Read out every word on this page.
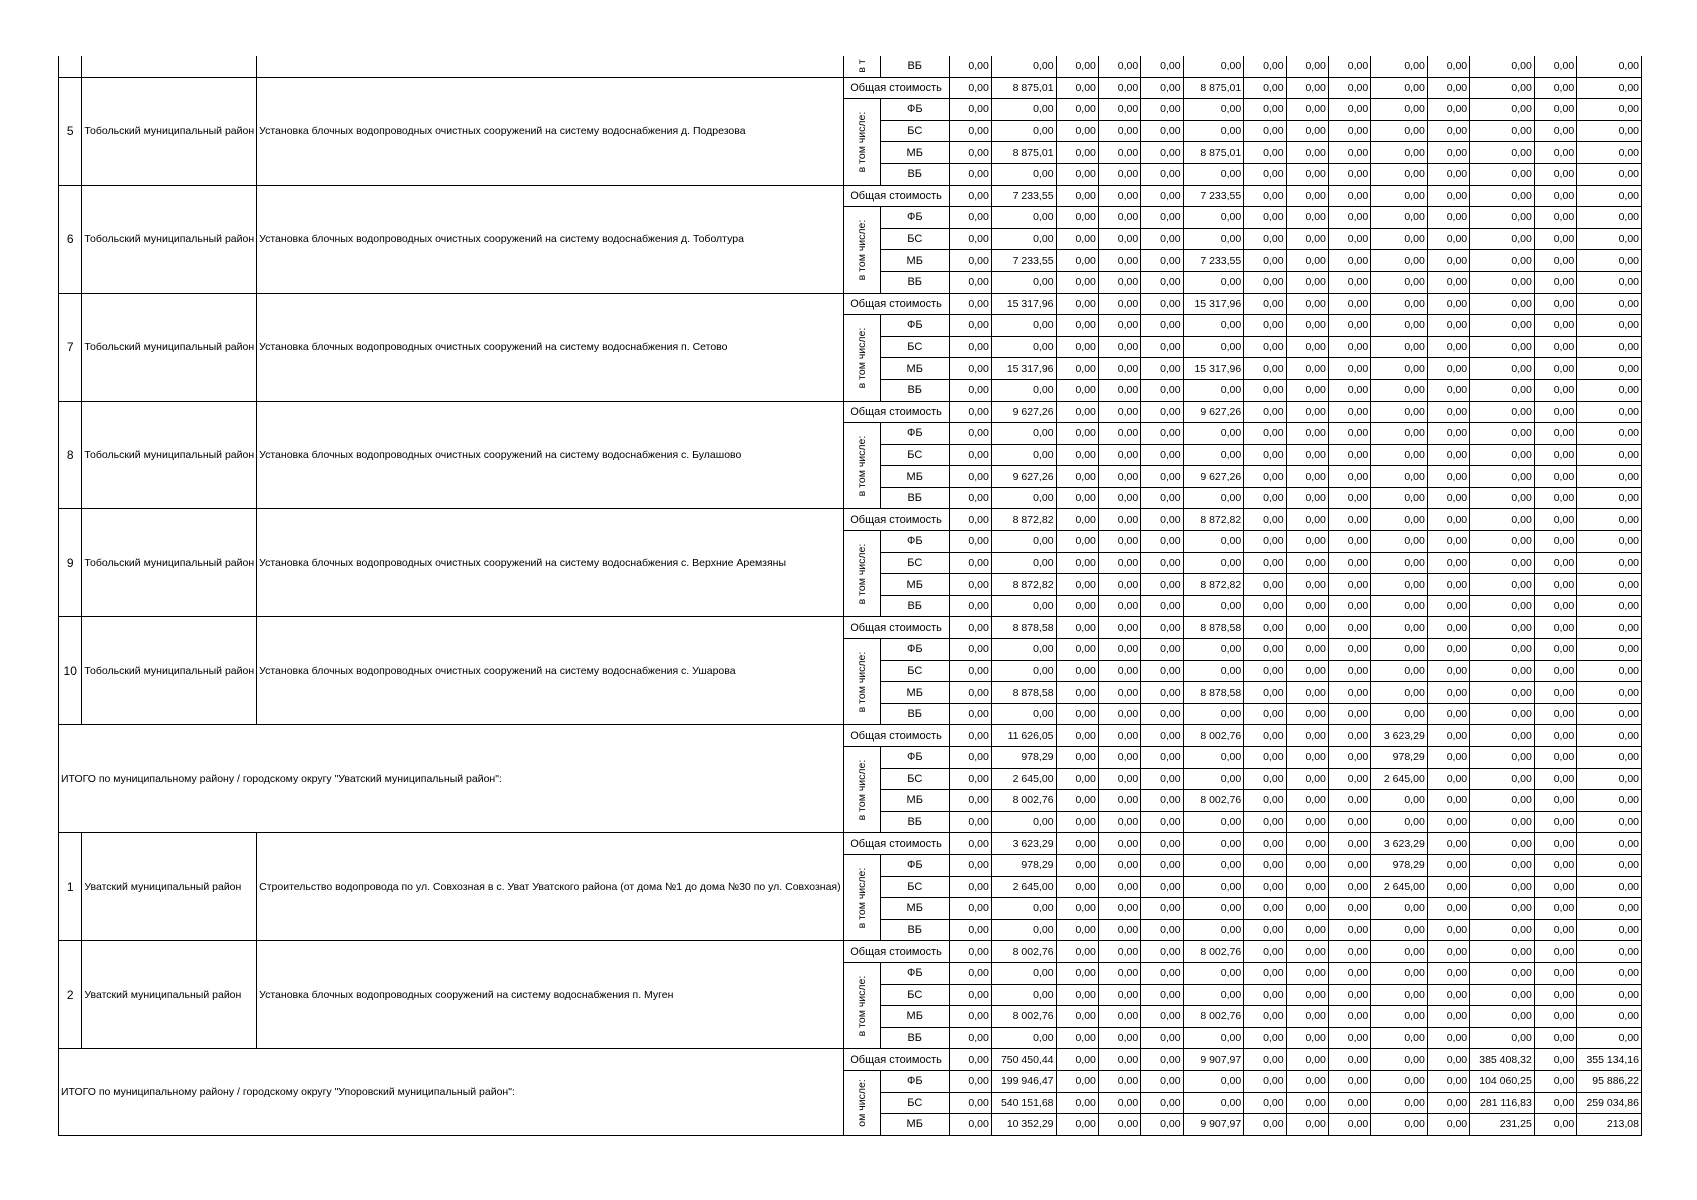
			в т	ВБ	0,00	0,00	0,00	0,00	0,00	0,00	0,00	0,00	0,00	0,00	0,00	0,00	0,00	0,00
5	Тобольский муниципальный район	Установка блочных водопроводных очистных сооружений на систему водоснабжения д. Подрезова	Общая стоимость		0,00	8 875,01	0,00	0,00	0,00	8 875,01	0,00	0,00	0,00	0,00	0,00	0,00	0,00	0,00

			в том числе:	ФБ	0,00	0,00	0,00	0,00	0,00	0,00	0,00	0,00	0,00	0,00	0,00	0,00	0,00	0,00
				БС	0,00	0,00	0,00	0,00	0,00	0,00	0,00	0,00	0,00	0,00	0,00	0,00	0,00	0,00
				МБ	0,00	8 875,01	0,00	0,00	0,00	8 875,01	0,00	0,00	0,00	0,00	0,00	0,00	0,00	0,00
				ВБ	0,00	0,00	0,00	0,00	0,00	0,00	0,00	0,00	0,00	0,00	0,00	0,00	0,00	0,00
6	Тобольский муниципальный район	Установка блочных водопроводных очистных сооружений на систему водоснабжения д. Тоболтура	Общая стоимость		0,00	7 233,55	0,00	0,00	0,00	7 233,55	0,00	0,00	0,00	0,00	0,00	0,00	0,00	0,00

			в том числе:	ФБ	0,00	0,00	0,00	0,00	0,00	0,00	0,00	0,00	0,00	0,00	0,00	0,00	0,00	0,00
				БС	0,00	0,00	0,00	0,00	0,00	0,00	0,00	0,00	0,00	0,00	0,00	0,00	0,00	0,00
				МБ	0,00	7 233,55	0,00	0,00	0,00	7 233,55	0,00	0,00	0,00	0,00	0,00	0,00	0,00	0,00
				ВБ	0,00	0,00	0,00	0,00	0,00	0,00	0,00	0,00	0,00	0,00	0,00	0,00	0,00	0,00
7	Тобольский муниципальный район	Установка блочных водопроводных очистных сооружений на систему водоснабжения п. Сетово	Общая стоимость		0,00	15 317,96	0,00	0,00	0,00	15 317,96	0,00	0,00	0,00	0,00	0,00	0,00	0,00	0,00

			в том числе:	ФБ	0,00	0,00	0,00	0,00	0,00	0,00	0,00	0,00	0,00	0,00	0,00	0,00	0,00	0,00
				БС	0,00	0,00	0,00	0,00	0,00	0,00	0,00	0,00	0,00	0,00	0,00	0,00	0,00	0,00
				МБ	0,00	15 317,96	0,00	0,00	0,00	15 317,96	0,00	0,00	0,00	0,00	0,00	0,00	0,00	0,00
				ВБ	0,00	0,00	0,00	0,00	0,00	0,00	0,00	0,00	0,00	0,00	0,00	0,00	0,00	0,00
8	Тобольский муниципальный район	Установка блочных водопроводных очистных сооружений на систему водоснабжения с. Булашово	Общая стоимость		0,00	9 627,26	0,00	0,00	0,00	9 627,26	0,00	0,00	0,00	0,00	0,00	0,00	0,00	0,00

			в том числе:	ФБ	0,00	0,00	0,00	0,00	0,00	0,00	0,00	0,00	0,00	0,00	0,00	0,00	0,00	0,00
				БС	0,00	0,00	0,00	0,00	0,00	0,00	0,00	0,00	0,00	0,00	0,00	0,00	0,00	0,00
				МБ	0,00	9 627,26	0,00	0,00	0,00	9 627,26	0,00	0,00	0,00	0,00	0,00	0,00	0,00	0,00
				ВБ	0,00	0,00	0,00	0,00	0,00	0,00	0,00	0,00	0,00	0,00	0,00	0,00	0,00	0,00
9	Тобольский муниципальный район	Установка блочных водопроводных очистных сооружений на систему водоснабжения с. Верхние Аремзяны	Общая стоимость		0,00	8 872,82	0,00	0,00	0,00	8 872,82	0,00	0,00	0,00	0,00	0,00	0,00	0,00	0,00

			в том числе:	ФБ	0,00	0,00	0,00	0,00	0,00	0,00	0,00	0,00	0,00	0,00	0,00	0,00	0,00	0,00
				БС	0,00	0,00	0,00	0,00	0,00	0,00	0,00	0,00	0,00	0,00	0,00	0,00	0,00	0,00
				МБ	0,00	8 872,82	0,00	0,00	0,00	8 872,82	0,00	0,00	0,00	0,00	0,00	0,00	0,00	0,00
				ВБ	0,00	0,00	0,00	0,00	0,00	0,00	0,00	0,00	0,00	0,00	0,00	0,00	0,00	0,00
10	Тобольский муниципальный район	Установка блочных водопроводных очистных сооружений на систему водоснабжения с. Ушарова	Общая стоимость		0,00	8 878,58	0,00	0,00	0,00	8 878,58	0,00	0,00	0,00	0,00	0,00	0,00	0,00	0,00

			в том числе:	ФБ	0,00	0,00	0,00	0,00	0,00	0,00	0,00	0,00	0,00	0,00	0,00	0,00	0,00	0,00
				БС	0,00	0,00	0,00	0,00	0,00	0,00	0,00	0,00	0,00	0,00	0,00	0,00	0,00	0,00
				МБ	0,00	8 878,58	0,00	0,00	0,00	8 878,58	0,00	0,00	0,00	0,00	0,00	0,00	0,00	0,00
				ВБ	0,00	0,00	0,00	0,00	0,00	0,00	0,00	0,00	0,00	0,00	0,00	0,00	0,00	0,00
ИТОГО по муниципальному району / городскому округу "Уватский муниципальный район":			Общая стоимость		0,00	11 626,05	0,00	0,00	0,00	8 002,76	0,00	0,00	0,00	3 623,29	0,00	0,00	0,00	0,00

			в том числе:	ФБ	0,00	978,29	0,00	0,00	0,00	0,00	0,00	0,00	0,00	978,29	0,00	0,00	0,00	0,00
				БС	0,00	2 645,00	0,00	0,00	0,00	0,00	0,00	0,00	0,00	2 645,00	0,00	0,00	0,00	0,00
				МБ	0,00	8 002,76	0,00	0,00	0,00	8 002,76	0,00	0,00	0,00	0,00	0,00	0,00	0,00	0,00
				ВБ	0,00	0,00	0,00	0,00	0,00	0,00	0,00	0,00	0,00	0,00	0,00	0,00	0,00	0,00
1	Уватский муниципальный район	Строительство водопровода по ул. Совхозная в с. Уват Уватского района (от дома №1 до дома №30 по ул. Совхозная)	Общая стоимость		0,00	3 623,29	0,00	0,00	0,00	0,00	0,00	0,00	0,00	3 623,29	0,00	0,00	0,00	0,00

			в том числе:	ФБ	0,00	978,29	0,00	0,00	0,00	0,00	0,00	0,00	0,00	978,29	0,00	0,00	0,00	0,00
				БС	0,00	2 645,00	0,00	0,00	0,00	0,00	0,00	0,00	0,00	2 645,00	0,00	0,00	0,00	0,00
				МБ	0,00	0,00	0,00	0,00	0,00	0,00	0,00	0,00	0,00	0,00	0,00	0,00	0,00	0,00
				ВБ	0,00	0,00	0,00	0,00	0,00	0,00	0,00	0,00	0,00	0,00	0,00	0,00	0,00	0,00
2	Уватский муниципальный район	Установка блочных водопроводных сооружений на систему водоснабжения п. Муген	Общая стоимость		0,00	8 002,76	0,00	0,00	0,00	8 002,76	0,00	0,00	0,00	0,00	0,00	0,00	0,00	0,00

			в том числе:	ФБ	0,00	0,00	0,00	0,00	0,00	0,00	0,00	0,00	0,00	0,00	0,00	0,00	0,00	0,00
				БС	0,00	0,00	0,00	0,00	0,00	0,00	0,00	0,00	0,00	0,00	0,00	0,00	0,00	0,00
				МБ	0,00	8 002,76	0,00	0,00	0,00	8 002,76	0,00	0,00	0,00	0,00	0,00	0,00	0,00	0,00
				ВБ	0,00	0,00	0,00	0,00	0,00	0,00	0,00	0,00	0,00	0,00	0,00	0,00	0,00	0,00
ИТОГО по муниципальному району / городскому округу "Упоровский муниципальный район":			Общая стоимость		0,00	750 450,44	0,00	0,00	0,00	9 907,97	0,00	0,00	0,00	0,00	0,00	385 408,32	0,00	355 134,16

			ом числе:	ФБ	0,00	199 946,47	0,00	0,00	0,00	0,00	0,00	0,00	0,00	0,00	0,00	104 060,25	0,00	95 886,22
				БС	0,00	540 151,68	0,00	0,00	0,00	0,00	0,00	0,00	0,00	0,00	0,00	281 116,83	0,00	259 034,86
				МБ	0,00	10 352,29	0,00	0,00	0,00	9 907,97	0,00	0,00	0,00	0,00	0,00	231,25	0,00	213,08
